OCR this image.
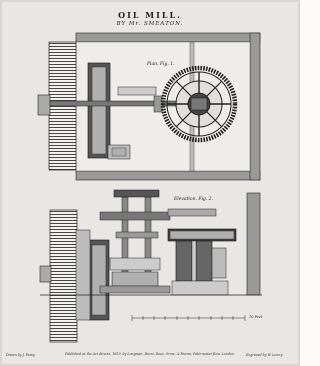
OIL MILL.
BY Mr. SMEATON.
Plan. Fig. 1.
Elevation. Fig. 2.
10 Feet
Drawn by J. Farey.	Published as the Act directs, 1819, by Longman, Hurst, Rees, Orme, & Brown, Paternoster Row, London.	Engraved by W. Lowry.
